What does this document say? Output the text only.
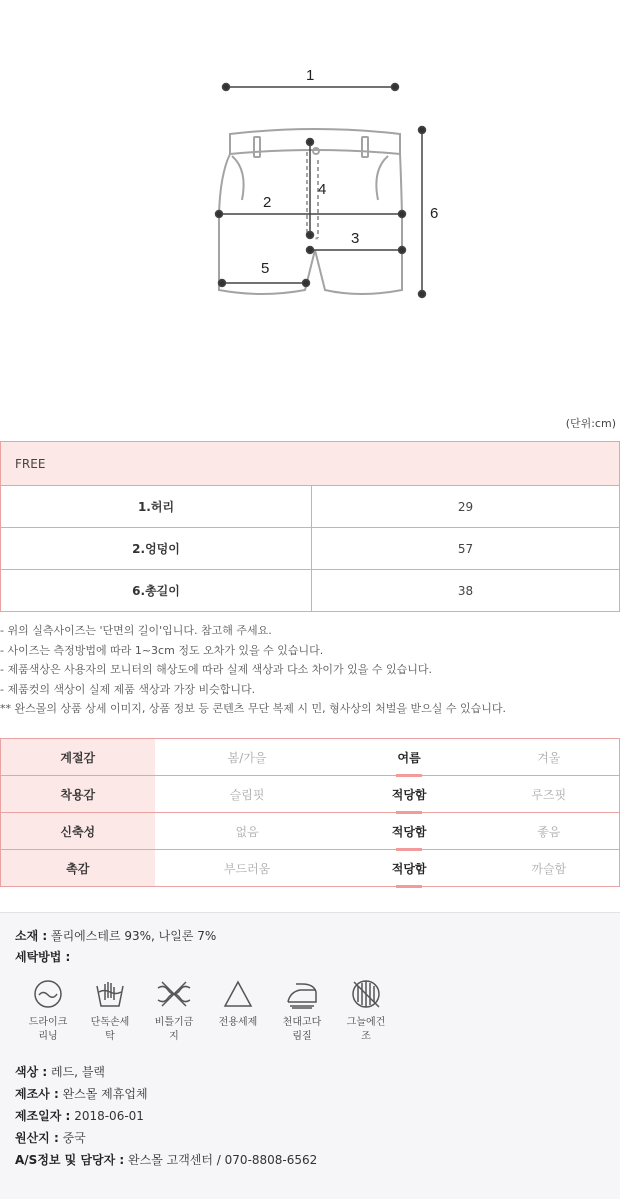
1
2
3
4
5
6
(단위:cm)
FREE	
1.허리	29
2.엉덩이	57
6.총길이	38
- 위의 실측사이즈는 '단면의 길이'입니다. 참고해 주세요.
- 사이즈는 측정방법에 따라 1~3cm 정도 오차가 있을 수 있습니다.
- 제품색상은 사용자의 모니터의 해상도에 따라 실제 색상과 다소 차이가 있을 수 있습니다.
- 제품컷의 색상이 실제 제품 색상과 가장 비슷합니다.
** 완스몰의 상품 상세 이미지, 상품 정보 등 콘텐츠 무단 복제 시 민, 형사상의 처벌을 받으실 수 있습니다.
계절감	봄/가을	여름	겨울
착용감	슬림핏	적당함	루즈핏
신축성	없음	적당함	좋음
촉감	부드러움	적당함	까슬함
소재 : 폴리에스테르 93%, 나일론 7%
세탁방법 :
드라이크
리닝
단독손세
탁
비틀기금
지
전용세제	천대고다
림질
그늘에건
조
색상 : 레드, 블랙
제조사 : 완스몰 제휴업체
제조일자 : 2018-06-01
원산지 : 중국
A/S정보 및 담당자 : 완스몰 고객센터 / 070-8808-6562
